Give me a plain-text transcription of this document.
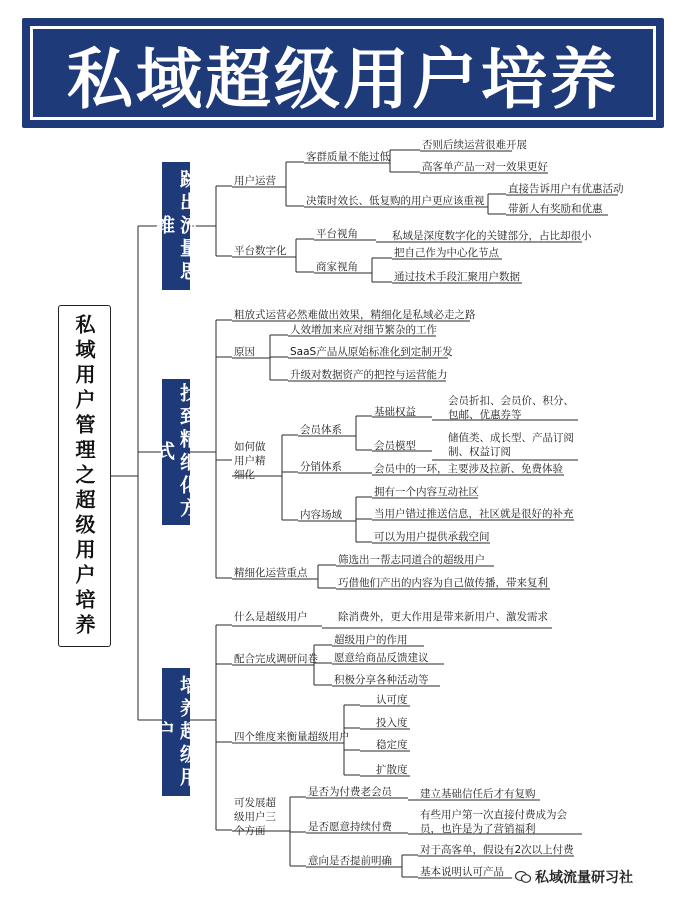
私域超级用户培养
私域用户管理之超级用户培养
跳出流量思维
找到精细化方式
培养超级用户
用户运营
客群质量不能过低
否则后续运营很难开展
高客单产品一对一效果更好
决策时效长、低复购的用户更应该重视
直接告诉用户有优惠活动
带新人有奖励和优惠
平台数字化
平台视角	私域是深度数字化的关键部分，占比却很小
商家视角
把自己作为中心化节点
通过技术手段汇聚用户数据
粗放式运营必然难做出效果，精细化是私域必走之路
原因
人效增加来应对细节繁杂的工作
SaaS产品从原始标准化到定制开发
升级对数据资产的把控与运营能力
如何做用户精细化
会员体系
基础权益
会员折扣、会员价、积分、包邮、优惠券等
会员模型
储值类、成长型、产品订阅制、权益订阅
分销体系	会员中的一环，主要涉及拉新、免费体验
内容场域
拥有一个内容互动社区
当用户错过推送信息，社区就是很好的补充
可以为用户提供承载空间
精细化运营重点
筛选出一帮志同道合的超级用户
巧借他们产出的内容为自己做传播，带来复利
什么是超级用户	除消费外，更大作用是带来新用户、激发需求
配合完成调研问卷
超级用户的作用
愿意给商品反馈建议
积极分享各种活动等
四个维度来衡量超级用户
认可度
投入度
稳定度
扩散度
可发展超级用户三个方面
是否为付费老会员	建立基础信任后才有复购
是否愿意持续付费
有些用户第一次直接付费成为会员，也许是为了营销福利
意向是否提前明确
对于高客单，假设有2次以上付费
基本说明认可产品 私域流量研习社
